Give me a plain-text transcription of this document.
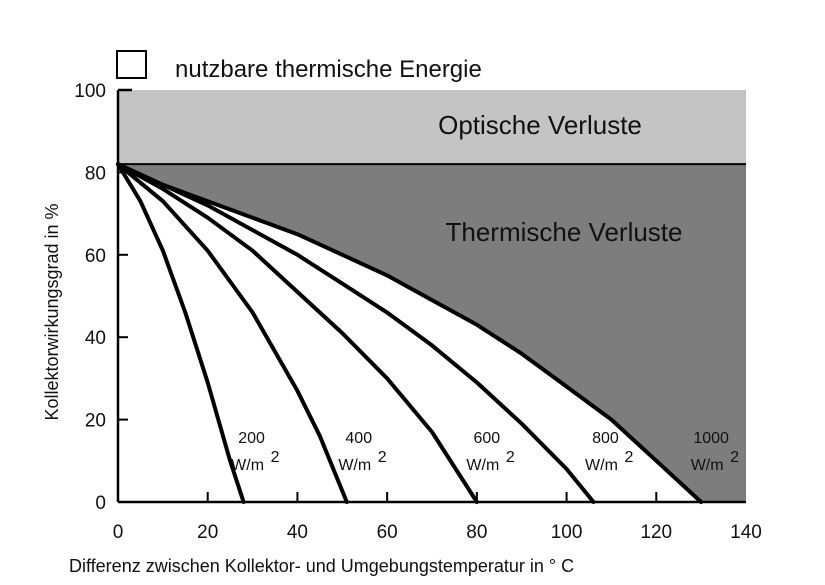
0	20	40	60	80	100	120	140
0
20
40
60
80
100
200
W/m 2
400
W/m 2
600
W/m 2
800
W/m 2
1000
W/m 2
Optische Verluste
Thermische Verluste
nutzbare thermische Energie
Differenz zwischen Kollektor- und Umgebungstemperatur in ° C
Kollektorwirkungsgrad in %
